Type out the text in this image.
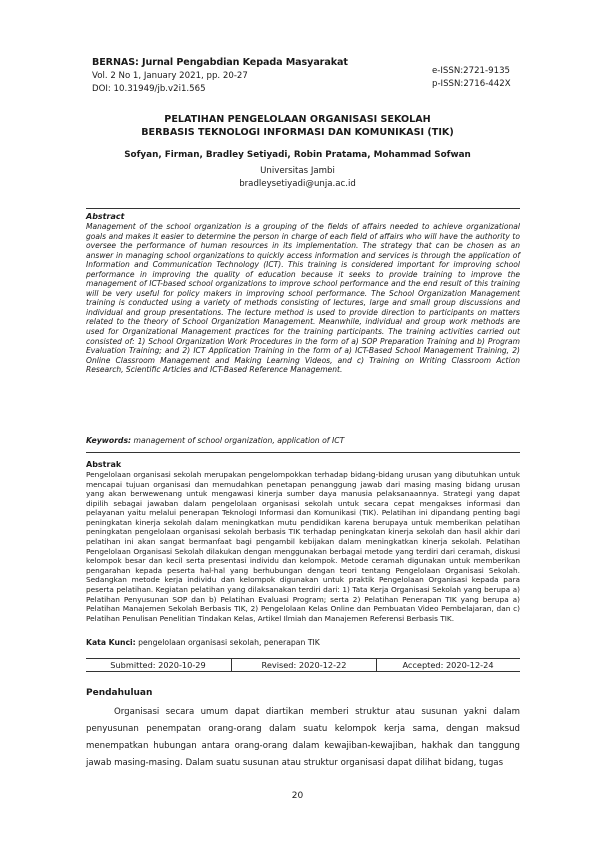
BERNAS: Jurnal Pengabdian Kepada Masyarakat
Vol. 2 No 1, January 2021, pp. 20-27
DOI: 10.31949/jb.v2i1.565
e-ISSN:2721-9135
p-ISSN:2716-442X
PELATIHAN PENGELOLAAN ORGANISASI SEKOLAH
BERBASIS TEKNOLOGI INFORMASI DAN KOMUNIKASI (TIK)
Sofyan, Firman, Bradley Setiyadi, Robin Pratama, Mohammad Sofwan
Universitas Jambi
bradleysetiyadi@unja.ac.id
Abstract
Management of the school organization is a grouping of the fields of affairs needed to achieve organizational goals and makes it easier to determine the person in charge of each field of affairs who will have the authority to oversee the performance of human resources in its implementation. The strategy that can be chosen as an answer in managing school organizations to quickly access information and services is through the application of Information and Communication Technology (ICT). This training is considered important for improving school performance in improving the quality of education because it seeks to provide training to improve the management of ICT-based school organizations to improve school performance and the end result of this training will be very useful for policy makers in improving school performance. The School Organization Management training is conducted using a variety of methods consisting of lectures, large and small group discussions and individual and group presentations. The lecture method is used to provide direction to participants on matters related to the theory of School Organization Management. Meanwhile, individual and group work methods are used for Organizational Management practices for the training participants. The training activities carried out consisted of: 1) School Organization Work Procedures in the form of a) SOP Preparation Training and b) Program Evaluation Training; and 2) ICT Application Training in the form of a) ICT-Based School Management Training, 2) Online Classroom Management and Making Learning Videos, and c) Training on Writing Classroom Action Research, Scientific Articles and ICT-Based Reference Management.
Keywords: management of school organization, application of ICT
Abstrak
Pengelolaan organisasi sekolah merupakan pengelompokkan terhadap bidang-bidang urusan yang dibutuhkan untuk mencapai tujuan organisasi dan memudahkan penetapan penanggung jawab dari masing masing bidang urusan yang akan berwewenang untuk mengawasi kinerja sumber daya manusia pelaksanaannya. Strategi yang dapat dipilih sebagai jawaban dalam pengelolaan organisasi sekolah untuk secara cepat mengakses informasi dan pelayanan yaitu melalui penerapan Teknologi Informasi dan Komunikasi (TIK). Pelatihan ini dipandang penting bagi peningkatan kinerja sekolah dalam meningkatkan mutu pendidikan karena berupaya untuk memberikan pelatihan peningkatan pengelolaan organisasi sekolah berbasis TIK terhadap peningkatan kinerja sekolah dan hasil akhir dari pelatihan ini akan sangat bermanfaat bagi pengambil kebijakan dalam meningkatkan kinerja sekolah. Pelatihan Pengelolaan Organisasi Sekolah dilakukan dengan menggunakan berbagai metode yang terdiri dari ceramah, diskusi kelompok besar dan kecil serta presentasi individu dan kelompok. Metode ceramah digunakan untuk memberikan pengarahan kepada peserta hal-hal yang berhubungan dengan teori tentang Pengelolaan Organisasi Sekolah. Sedangkan metode kerja individu dan kelompok digunakan untuk praktik Pengelolaan Organisasi kepada para peserta pelatihan. Kegiatan pelatihan yang dilaksanakan terdiri dari: 1) Tata Kerja Organisasi Sekolah yang berupa a) Pelatihan Penyusunan SOP dan b) Pelatihan Evaluasi Program; serta 2) Pelatihan Penerapan TIK yang berupa a) Pelatihan Manajemen Sekolah Berbasis TIK, 2) Pengelolaan Kelas Online dan Pembuatan Video Pembelajaran, dan c) Pelatihan Penulisan Penelitian Tindakan Kelas, Artikel Ilmiah dan Manajemen Referensi Berbasis TIK.
Kata Kunci: pengelolaan organisasi sekolah, penerapan TIK
Submitted: 2020-10-29	Revised: 2020-12-22	Accepted: 2020-12-24
Pendahuluan
Organisasi secara umum dapat diartikan memberi struktur atau susunan yakni dalam penyusunan penempatan orang-orang dalam suatu kelompok kerja sama, dengan maksud menempatkan hubungan antara orang-orang dalam kewajiban-kewajiban, hakhak dan tanggung jawab masing-masing. Dalam suatu susunan atau struktur organisasi dapat dilihat bidang, tugas
20
